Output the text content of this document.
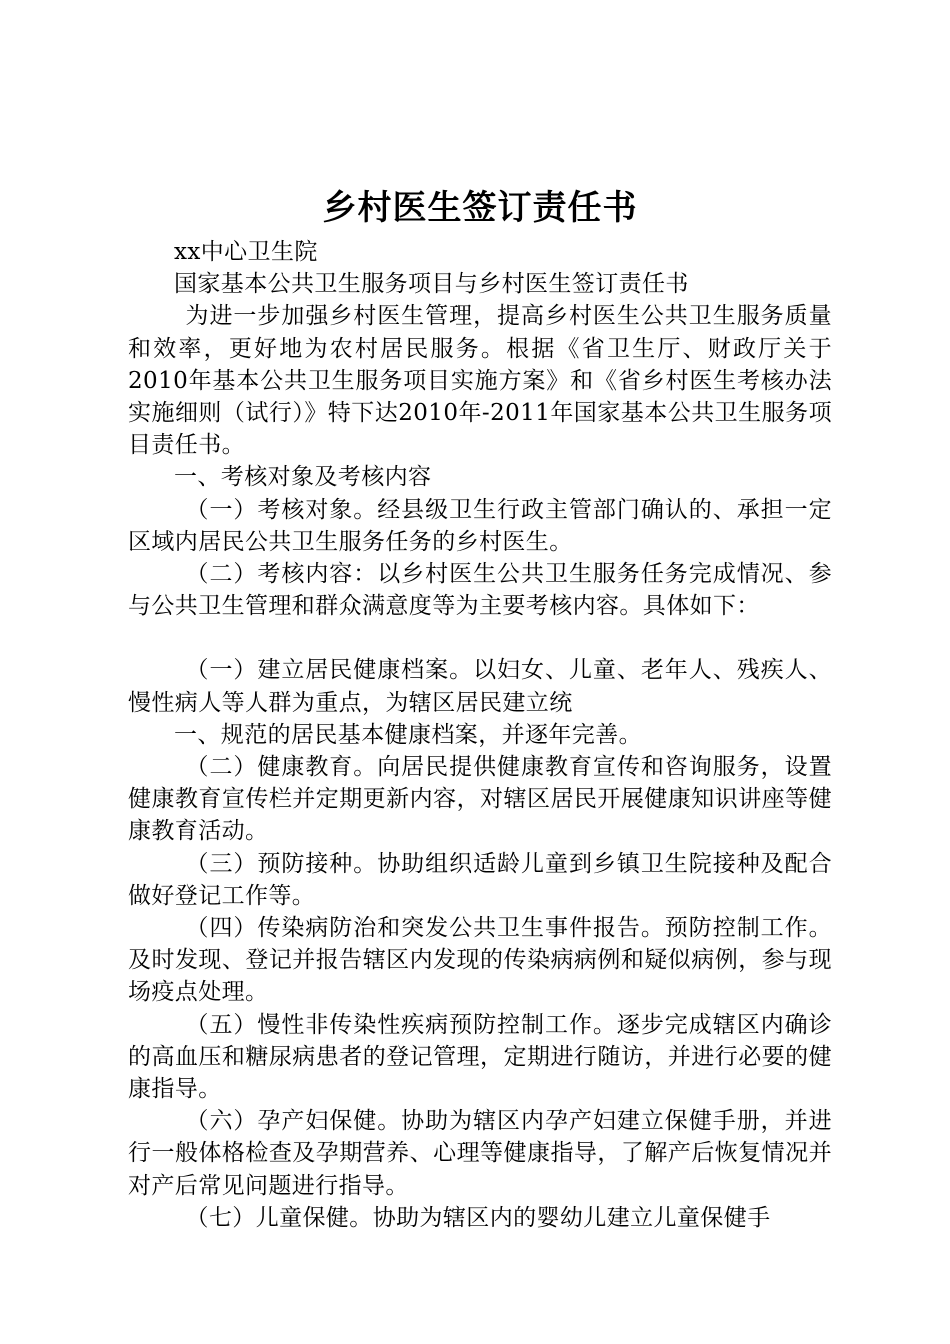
乡村医生签订责任书

xx中心卫生院

国家基本公共卫生服务项目与乡村医生签订责任书

为进一步加强乡村医生管理，提高乡村医生公共卫生服务质量和效率，更好地为农村居民服务。根据《省卫生厅、财政厅关于2010年基本公共卫生服务项目实施方案》和《省乡村医生考核办法实施细则（试行）》特下达2010年-2011年国家基本公共卫生服务项目责任书。

一、考核对象及考核内容

（一）考核对象。经县级卫生行政主管部门确认的、承担一定区域内居民公共卫生服务任务的乡村医生。

（二）考核内容：以乡村医生公共卫生服务任务完成情况、参与公共卫生管理和群众满意度等为主要考核内容。具体如下：

（一）建立居民健康档案。以妇女、儿童、老年人、残疾人、慢性病人等人群为重点，为辖区居民建立统

一、规范的居民基本健康档案，并逐年完善。

（二）健康教育。向居民提供健康教育宣传和咨询服务，设置健康教育宣传栏并定期更新内容，对辖区居民开展健康知识讲座等健康教育活动。

（三）预防接种。协助组织适龄儿童到乡镇卫生院接种及配合做好登记工作等。

（四）传染病防治和突发公共卫生事件报告。预防控制工作。及时发现、登记并报告辖区内发现的传染病病例和疑似病例，参与现场疫点处理。

（五）慢性非传染性疾病预防控制工作。逐步完成辖区内确诊的高血压和糖尿病患者的登记管理，定期进行随访，并进行必要的健康指导。

（六）孕产妇保健。协助为辖区内孕产妇建立保健手册，并进行一般体格检查及孕期营养、心理等健康指导，了解产后恢复情况并对产后常见问题进行指导。

（七）儿童保健。协助为辖区内的婴幼儿建立儿童保健手
